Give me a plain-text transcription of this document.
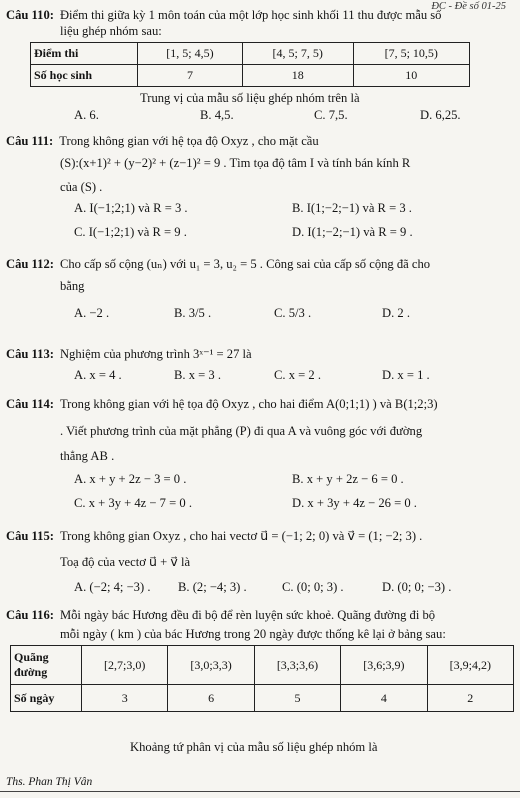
ĐC - Đề số 01-25
Câu 110: Điểm thi giữa kỳ 1 môn toán của một lớp học sinh khối 11 thu được mẫu số
liệu ghép nhóm sau:
Điểm thi	[1, 5; 4,5)	[4, 5; 7, 5)	[7, 5; 10,5)
Số học sinh	7	18	10
Trung vị của mẫu số liệu ghép nhóm trên là
A. 6.	B. 4,5.	C. 7,5.	D. 6,25.
Câu 111: Trong không gian với hệ tọa độ Oxyz , cho mặt cầu
(S):(x+1)² + (y−2)² + (z−1)² = 9 . Tìm tọa độ tâm I và tính bán kính R
của (S) .
A. I(−1;2;1) và R = 3 .	B. I(1;−2;−1) và R = 3 .
C. I(−1;2;1) và R = 9 .	D. I(1;−2;−1) và R = 9 .
Câu 112: Cho cấp số cộng (uₙ) với u₁ = 3, u₂ = 5 . Công sai của cấp số cộng đã cho
bằng
A. −2 .	B. 3/5 .	C. 5/3 .	D. 2 .
Câu 113: Nghiệm của phương trình 3ˣ⁻¹ = 27 là
A. x = 4 .	B. x = 3 .	C. x = 2 .	D. x = 1 .
Câu 114: Trong không gian với hệ tọa độ Oxyz , cho hai điểm A(0;1;1) ) và B(1;2;3)
. Viết phương trình của mặt phẳng (P) đi qua A và vuông góc với đường
thẳng AB .
A. x + y + 2z − 3 = 0 .	B. x + y + 2z − 6 = 0 .
C. x + 3y + 4z − 7 = 0 .	D. x + 3y + 4z − 26 = 0 .
Câu 115: Trong không gian Oxyz , cho hai vectơ u⃗ = (−1; 2; 0) và v⃗ = (1; −2; 3) .
Toạ độ của vectơ u⃗ + v⃗ là
A. (−2; 4; −3) . B. (2; −4; 3) .	C. (0; 0; 3) .	D. (0; 0; −3) .
Câu 116: Mỗi ngày bác Hương đều đi bộ để rèn luyện sức khoẻ. Quãng đường đi bộ
mỗi ngày ( km ) của bác Hương trong 20 ngày được thống kê lại ở bảng sau:
Quãng đường	[2,7;3,0)	[3,0;3,3)	[3,3;3,6)	[3,6;3,9)	[3,9;4,2)
Số ngày	3	6	5	4	2
Khoảng tứ phân vị của mẫu số liệu ghép nhóm là
Ths. Phan Thị Vân
